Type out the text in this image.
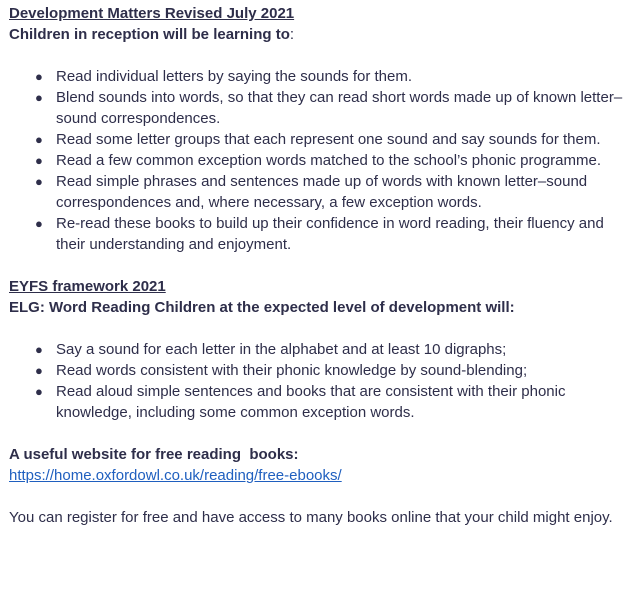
Development Matters Revised July 2021
Children in reception will be learning to:
● Read individual letters by saying the sounds for them.
● Blend sounds into words, so that they can read short words made up of known letter– sound correspondences.
● Read some letter groups that each represent one sound and say sounds for them.
● Read a few common exception words matched to the school’s phonic programme.
● Read simple phrases and sentences made up of words with known letter–sound correspondences and, where necessary, a few exception words.
● Re-read these books to build up their confidence in word reading, their fluency and their understanding and enjoyment.
EYFS framework 2021
ELG: Word Reading Children at the expected level of development will:
● Say a sound for each letter in the alphabet and at least 10 digraphs;
● Read words consistent with their phonic knowledge by sound-blending;
● Read aloud simple sentences and books that are consistent with their phonic knowledge, including some common exception words.
A useful website for free reading  books:
https://home.oxfordowl.co.uk/reading/free-ebooks/
You can register for free and have access to many books online that your child might enjoy.
